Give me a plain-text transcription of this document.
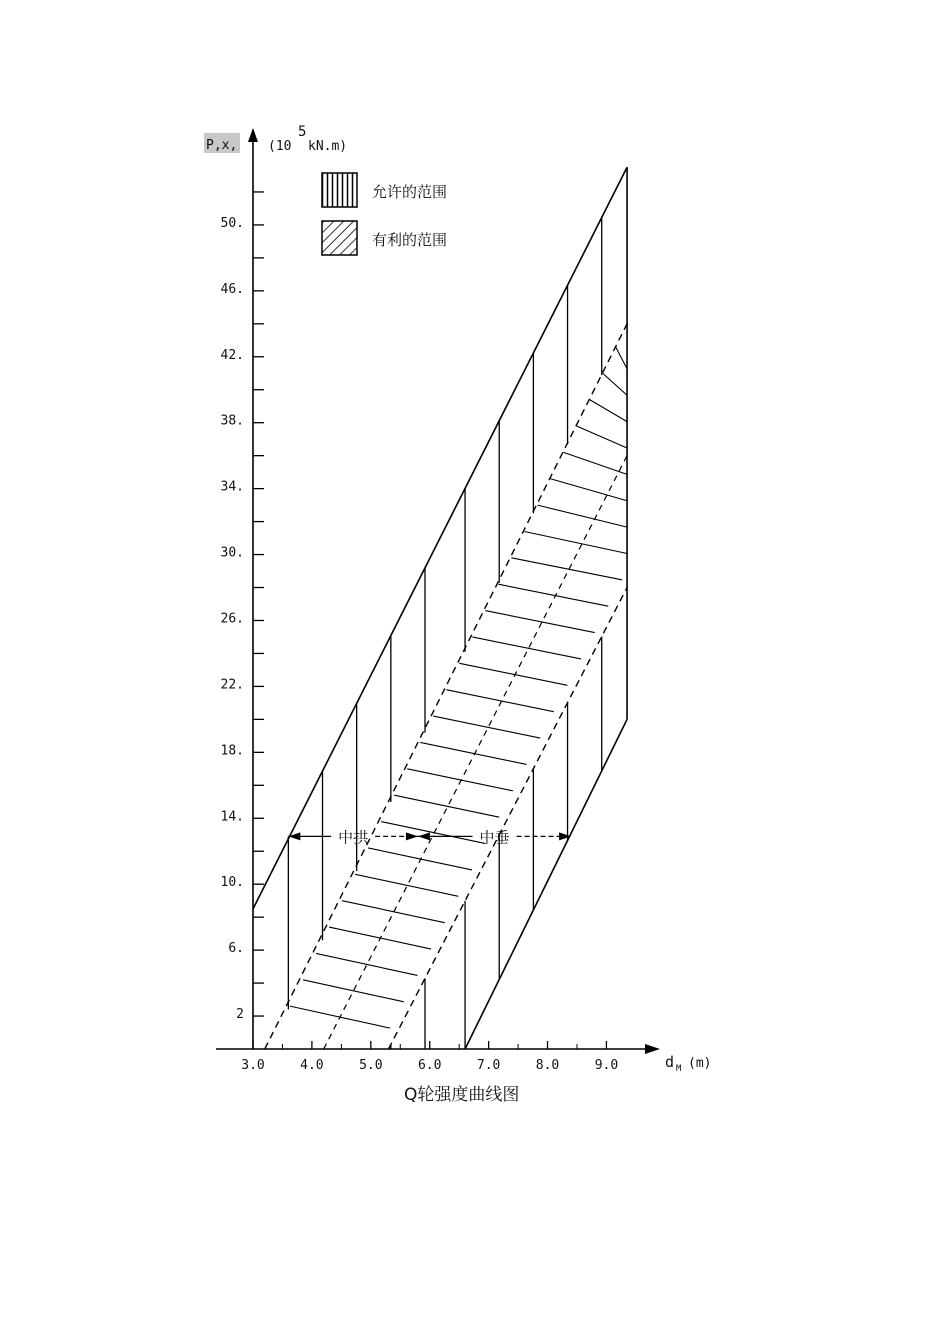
P,x, (10
5
kN.m)
d M (m)
2
6.
10.
14.
18.
22.
26.
30.
34.
38.
42.
46.
50.
3.0	4.0	5.0	6.0	7.0	8.0	9.0
中拱	中垂
允许的范围
有利的范围
Q轮强度曲线图
